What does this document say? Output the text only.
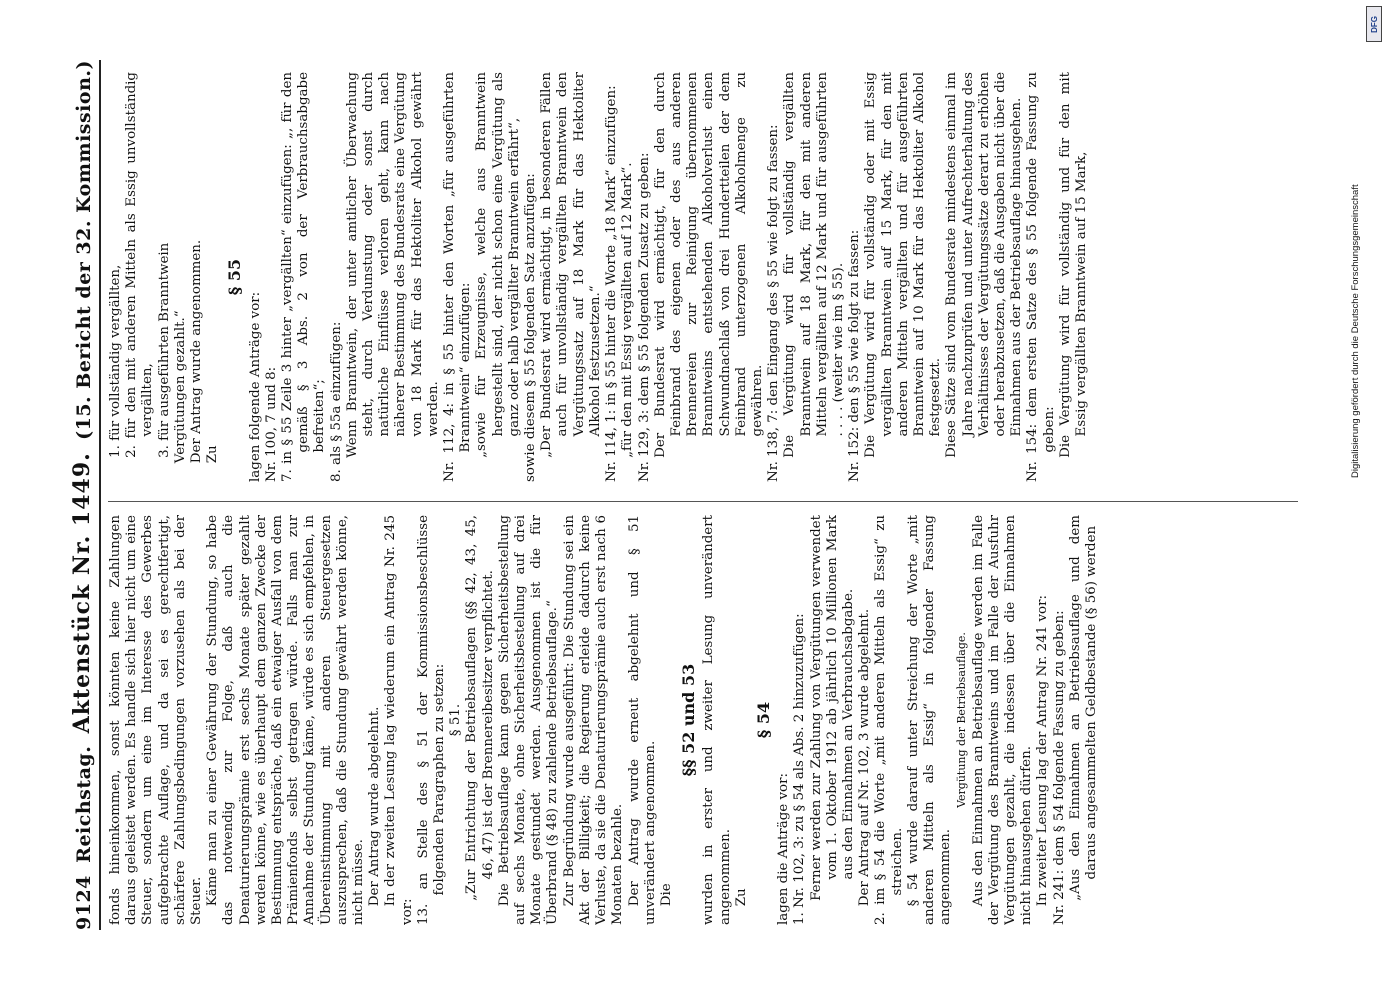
9124
Reichstag.
Aktenstück Nr. 1449.
(15. Bericht der 32. Kommission.)

fonds hineinkommen, sonst könnten keine Zahlungen daraus geleistet werden. Es handle sich hier nicht um eine Steuer, sondern um eine im Interesse des Gewerbes aufgebrachte Auflage, und da sei es gerechtfertigt, schärfere Zahlungsbedingungen vorzusehen als bei der Steuer. Käme man zu einer Gewährung der Stundung, so habe das notwendig zur Folge, daß auch die Denaturierungsprämie erst sechs Monate später gezahlt werden könne, wie es überhaupt dem ganzen Zwecke der Bestimmung entspräche, daß ein etwaiger Ausfall von dem Prämienfonds selbst getragen würde. Falls man zur Annahme der Stundung käme, würde es sich empfehlen, in Übereinstimmung mit anderen Steuergesetzen auszusprechen, daß die Stundung gewährt werden könne, nicht müsse. Der Antrag wurde abgelehnt. In der zweiten Lesung lag wiederum ein Antrag Nr. 245 vor: 13. an Stelle des § 51 der Kommissionsbeschlüsse folgenden Paragraphen zu setzen: § 51. „Zur Entrichtung der Betriebsauflagen (§§ 42, 43, 45, 46, 47) ist der Brennereibesitzer verpflichtet. Die Betriebsauflage kann gegen Sicherheitsbestellung auf sechs Monate, ohne Sicherheitsbestellung auf drei Monate gestundet werden. Ausgenommen ist die für Überbrand (§ 48) zu zahlende Betriebsauflage.“ Zur Begründung wurde ausgeführt: Die Stundung sei ein Akt der Billigkeit; die Regierung erleide dadurch keine Verluste, da sie die Denaturierungsprämie auch erst nach 6 Monaten bezahle. Der Antrag wurde erneut abgelehnt und § 51 unverändert angenommen. Die

§§ 52 und 53 wurden in erster und zweiter Lesung unverändert angenommen. Zu

§ 54

lagen die Anträge vor: 1. Nr. 102, 3: zu § 54 als Abs. 2 hinzuzufügen: Ferner werden zur Zahlung von Vergütungen verwendet vom 1. Oktober 1912 ab jährlich 10 Millionen Mark aus den Einnahmen an Verbrauchsabgabe. Der Antrag auf Nr. 102, 3 wurde abgelehnt. 2. im § 54 die Worte „mit anderen Mitteln als Essig“ zu streichen. § 54 wurde darauf unter Streichung der Worte „mit anderen Mitteln als Essig“ in folgender Fassung angenommen.

Vergütung der Betriebsauflage. Aus den Einnahmen an Betriebsauflage werden im Falle der Vergütung des Branntweins und im Falle der Ausfuhr Vergütungen gezahlt, die indessen über die Einnahmen nicht hinausgehen dürfen. In zweiter Lesung lag der Antrag Nr. 241 vor: Nr. 241: dem § 54 folgende Fassung zu geben: „Aus den Einnahmen an Betriebsauflage und dem daraus angesammelten Geldbestande (§ 56) werden

1. für vollständig vergällten, 2. für den mit anderen Mitteln als Essig unvollständig vergällten, 3. für ausgeführten Branntwein Vergütungen gezahlt.“ Der Antrag wurde angenommen. Zu

§ 55

lagen folgende Anträge vor: Nr. 100, 7 und 8: 7. in § 55 Zeile 3 hinter „vergällten“ einzufügen: „, für den gemäß § 3 Abs. 2 von der Verbrauchsabgabe befreiten“; 8. als § 55a einzufügen: Wenn Branntwein, der unter amtlicher Überwachung steht, durch Verdunstung oder sonst durch natürliche Einflüsse verloren geht, kann nach näherer Bestimmung des Bundesrats eine Vergütung von 18 Mark für das Hektoliter Alkohol gewährt werden. Nr. 112, 4: in § 55 hinter den Worten „für ausgeführten Branntwein“ einzufügen: „sowie für Erzeugnisse, welche aus Branntwein hergestellt sind, der nicht schon eine Vergütung als ganz oder halb vergällter Branntwein erfährt“, sowie diesem § 55 folgenden Satz anzufügen: „Der Bundesrat wird ermächtigt, in besonderen Fällen auch für unvollständig vergällten Branntwein den Vergütungssatz auf 18 Mark für das Hektoliter Alkohol festzusetzen.“ Nr. 114, 1: in § 55 hinter die Worte „18 Mark“ einzufügen: „für den mit Essig vergällten auf 12 Mark“. Nr. 129, 3: dem § 55 folgenden Zusatz zu geben: Der Bundesrat wird ermächtigt, für den durch Feinbrand des eigenen oder des aus anderen Brennereien zur Reinigung übernommenen Branntweins entstehenden Alkoholverlust einen Schwundnachlaß von drei Hundertteilen der dem Feinbrand unterzogenen Alkoholmenge zu gewähren. Nr. 138, 7: den Eingang des § 55 wie folgt zu fassen: Die Vergütung wird für vollständig vergällten Branntwein auf 18 Mark, für den mit anderen Mitteln vergällten auf 12 Mark und für ausgeführten . . . . (weiter wie im § 55). Nr. 152: den § 55 wie folgt zu fassen: Die Vergütung wird für vollständig oder mit Essig vergällten Branntwein auf 15 Mark, für den mit anderen Mitteln vergällten und für ausgeführten Branntwein auf 10 Mark für das Hektoliter Alkohol festgesetzt. Diese Sätze sind vom Bundesrate mindestens einmal im Jahre nachzuprüfen und unter Aufrechterhaltung des Verhältnisses der Vergütungssätze derart zu erhöhen oder herabzusetzen, daß die Ausgaben nicht über die Einnahmen aus der Betriebsauflage hinausgehen. Nr. 154: dem ersten Satze des § 55 folgende Fassung zu geben: Die Vergütung wird für vollständig und für den mit Essig vergällten Branntwein auf 15 Mark,

DFG
Digitalisierung gefördert durch die Deutsche Forschungsgemeinschaft
